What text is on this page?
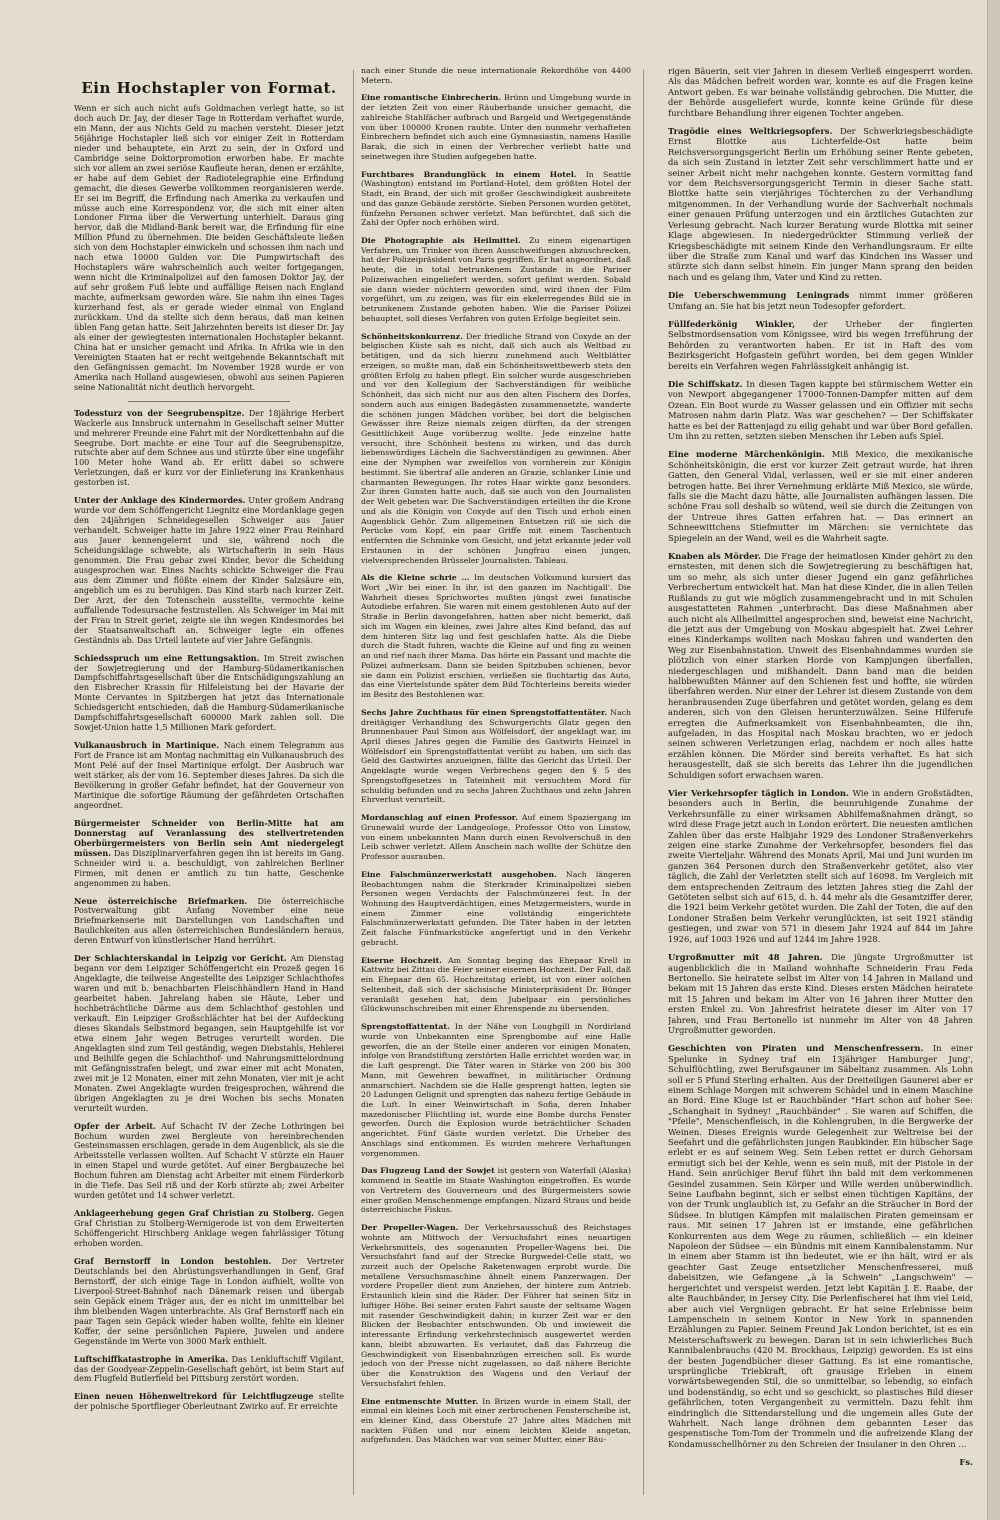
Ein Hochstapler von Format.
Wenn er sich auch nicht aufs Goldmachen verlegt hatte, so ist doch auch Dr. Jay, der dieser Tage in Rotterdam verhaftet wurde, ein Mann, der aus Nichts Geld zu machen versteht. Dieser jetzt 56jährige Hochstapler ließ sich vor einiger Zeit in Rotterdam nieder und behauptete, ein Arzt zu sein, der in Oxford und Cambridge seine Doktorpromotion erworben habe. Er machte sich vor allem an zwei seriöse Kaufleute heran, denen er erzählte, er habe auf dem Gebiet der Radiotelegraphie eine Erfindung gemacht, die dieses Gewerbe vollkommen reorganisieren werde. Er sei im Begriff, die Erfindung nach Amerika zu verkaufen und müsse auch eine Korrespondenz vor, die sich mit einer alten Londoner Firma über die Verwertung unterhielt. Daraus ging hervor, daß die Midland-Bank bereit war, die Erfindung für eine Million Pfund zu übernehmen. Die beiden Geschäftsleute ließen sich von dem Hochstapler einwickeln und schossen ihm nach und nach etwa 10000 Gulden vor. Die Pumpwirtschaft des Hochstaplers wäre wahrscheinlich auch weiter fortgegangen, wenn nicht die Kriminalpolizei auf den famosen Doktor Jay, der auf sehr großem Fuß lebte und auffällige Reisen nach England machte, aufmerksam geworden wäre. Sie nahm ihn eines Tages kurzerhand fest, als er gerade wieder einmal von England zurückkam. Und da stellte sich denn heraus, daß man keinen üblen Fang getan hatte. Seit Jahrzehnten bereits ist dieser Dr. Jay als einer der gewiegtesten internationalen Hochstapler bekannt. China hat er unsicher gemacht und Afrika. In Afrika wie in den Vereinigten Staaten hat er recht weitgehende Bekanntschaft mit den Gefängnissen gemacht. Im November 1928 wurde er von Amerika nach Holland ausgewiesen, obwohl aus seinen Papieren seine Nationalität nicht deutlich hervorgeht.
Todessturz von der Seegrubenspitze. Der 18jährige Herbert Wackerle aus Innsbruck unternahm in Gesellschaft seiner Mutter und mehrerer Freunde eine Fahrt mit der Nordkettenbahn auf die Seegrube. Dort machte er eine Tour auf die Seegrubenspitze, rutschte aber auf dem Schnee aus und stürzte über eine ungefähr 100 Meter hohe Wand ab. Er erlitt dabei so schwere Verletzungen, daß er kurz vor der Einlieferung ins Krankenhaus gestorben ist.
Unter der Anklage des Kindermordes. Unter großem Andrang wurde vor dem Schöffengericht Liegnitz eine Mordanklage gegen den 24jährigen Schneidegesellen Schweiger aus Jauer verhandelt. Schweiger hatte im Jahre 1922 einer Frau Reinhard aus Jauer kennengelernt und sie, während noch die Scheidungsklage schwebte, als Wirtschafterin in sein Haus genommen. Die Frau gebar zwei Kinder, bevor die Scheidung ausgesprochen war. Eines Nachts schickte Schweiger die Frau aus dem Zimmer und flößte einem der Kinder Salzsäure ein, angeblich um es zu beruhigen. Das Kind starb nach kurzer Zeit. Der Arzt, der den Totenschein ausstellte, vermochte keine auffallende Todesursache festzustellen. Als Schweiger im Mai mit der Frau in Streit geriet, zeigte sie ihn wegen Kindesmordes bei der Staatsanwaltschaft an. Schweiger legte ein offenes Geständnis ab. Das Urteil lautete auf vier Jahre Gefängnis.
Schiedsspruch um eine Rettungsaktion. Im Streit zwischen der Sowjetregierung und der Hamburg-Südamerikanischen Dampfschiffahrtsgesellschaft über die Entschädigungszahlung an den Eisbrecher Krassin für Hilfeleistung bei der Havarie der Monte Cervantes in Spitzbergen hat jetzt das Internationale Schiedsgericht entschieden, daß die Hamburg-Südamerikanische Dampfschiffahrtsgesellschaft 600000 Mark zahlen soll. Die Sowjet-Union hatte 1,5 Millionen Mark gefordert.
Vulkanausbruch in Martinique. Nach einem Telegramm aus Fort de France ist am Montag nachmittag ein Vulkanausbruch des Mont Pelé auf der Insel Martinique erfolgt. Der Ausbruch war weit stärker, als der vom 16. September dieses Jahres. Da sich die Bevölkerung in großer Gefahr befindet, hat der Gouverneur von Martinique die sofortige Räumung der gefährdeten Ortschaften angeordnet.
Bürgermeister Schneider von Berlin-Mitte hat am Donnerstag auf Veranlassung des stellvertretenden Oberbürgermeisters von Berlin sein Amt niedergelegt müssen. Das Disziplinarverfahren gegen ihn ist bereits im Gang. Schneider wird u. a. beschuldigt, von zahlreichen Berliner Firmen, mit denen er amtlich zu tun hatte, Geschenke angenommen zu haben.
Neue österreichische Briefmarken. Die österreichische Postverwaltung gibt Anfang November eine neue Briefmarkenserie mit Darstellungen von Landschaften und Baulichkeiten aus allen österreichischen Bundesländern heraus, deren Entwurf von künstlerischer Hand herrührt.
Der Schlachterskandal in Leipzig vor Gericht. Am Dienstag begann vor dem Leipziger Schöffengericht ein Prozeß gegen 16 Angeklagte, die teilweise Angestellte des Leipziger Schlachthofes waren und mit b. benachbarten Fleischhändlern Hand in Hand gearbeitet haben. Jahrelang haben sie Häute, Leber und hochbeträchtliche Därme aus dem Schlachthof gestohlen und verkauft. Ein Leipziger Großschlächter hat bei der Aufdeckung dieses Skandals Selbstmord begangen, sein Hauptgehilfe ist vor etwa einem Jahr wegen Betruges verurteilt worden. Die Angeklagten sind zum Teil geständig, wegen Diebstahls, Hehlerei und Beihilfe gegen die Schlachthof- und Nahrungsmittelordnung mit Gefängnisstrafen belegt, und zwar einer mit acht Monaten, zwei mit je 12 Monaten, einer mit zehn Monaten, vier mit je acht Monaten. Zwei Angeklagte wurden freigesprochen, während die übrigen Angeklagten zu je drei Wochen bis sechs Monaten verurteilt wurden.
Opfer der Arbeit. Auf Schacht IV der Zeche Lothringen bei Bochum wurden zwei Bergleute von hereinbrechenden Gesteinsmassen erschlagen, gerade in dem Augenblick, als sie die Arbeitsstelle verlassen wollten. Auf Schacht V stürzte ein Hauer in einen Stapel und wurde getötet. Auf einer Bergbauzeche bei Bochum fuhren am Dienstag acht Arbeiter mit einem Förderkorb in die Tiefe. Das Seil riß und der Korb stürzte ab; zwei Arbeiter wurden getötet und 14 schwer verletzt.
Anklageerhebung gegen Graf Christian zu Stolberg. Gegen Graf Christian zu Stolberg-Wernigerode ist von dem Erweiterten Schöffengericht Hirschberg Anklage wegen fahrlässiger Tötung erhoben worden.
Graf Bernstorff in London bestohlen. Der Vertreter Deutschlands bei den Abrüstungsverhandlungen in Genf, Graf Bernstorff, der sich einige Tage in London aufhielt, wollte von Liverpool-Street-Bahnhof nach Dänemark reisen und übergab sein Gepäck einem Träger aus, der es nicht im unmittelbar bei ihm bleibenden Wagen unterbrachte. Als Graf Bernstorff nach ein paar Tagen sein Gepäck wieder haben wollte, fehlte ein kleiner Koffer, der seine persönlichen Papiere, Juwelen und andere Gegenstände im Werte von 3000 Mark enthielt.
Luftschiffkatastrophe in Amerika. Das Lenkluftschiff Vigilant, das der Goodyear-Zeppelin-Gesellschaft gehört, ist beim Start auf dem Flugfeld Butlerfield bei Pittsburg zerstört worden.
Einen neuen Höhenweltrekord für Leichtflugzeuge stellte der polnische Sportflieger Oberleutnant Zwirko auf. Er erreichte
nach einer Stunde die neue internationale Rekordhöhe von 4400 Metern.
Eine romantische Einbrecherin. Brünn und Umgebung wurde in der letzten Zeit von einer Räuberbande unsicher gemacht, die zahlreiche Stahlfächer aufbrach und Bargeld und Wertgegenstände von über 100000 Kronen raubte. Unter den nunmehr verhafteten Einbrechern befindet sich auch eine Gymnasiastin, namens Hasille Barak, die sich in einen der Verbrecher verliebt hatte und seinetwegen ihre Studien aufgegeben hatte.
Furchtbares Brandunglück in einem Hotel. In Seattle (Washington) entstand im Portland-Hotel, dem größten Hotel der Stadt, ein Brand, der sich mit großer Geschwindigkeit ausbreitete und das ganze Gebäude zerstörte. Sieben Personen wurden getötet, fünfzehn Personen schwer verletzt. Man befürchtet, daß sich die Zahl der Opfer noch erhöhen wird.
Die Photographie als Heilmittel. Zu einem eigenartigen Verfahren, um Trinker von ihren Ausschweifungen abzuschrecken, hat der Polizeipräsident von Paris gegriffen. Er hat angeordnet, daß heute, die in total betrunkenem Zustande in die Pariser Polizeiwachen eingeliefert werden, sofort gefilmt werden. Sobald sie dann wieder nüchtern geworden sind, wird ihnen der Film vorgeführt, um zu zeigen, was für ein ekelerregendes Bild sie in betrunkenem Zustande geboten haben. Wie die Pariser Polizei behauptet, soll dieses Verfahren von guten Erfolge begleitet sein.
Schönheitskonkurrenz. Der friedliche Strand von Coxyde an der belgischen Küste sah es nicht, daß sich auch als Weltbad zu betätigen, und da sich hierzu zunehmend auch Weltblätter erzeigen, so mußte man, daß ein Schönheitswettbewerb stets den größten Erfolg zu haben pflegt. Ein solcher wurde ausgeschrieben und vor den Kollegium der Sachverständigen für weibliche Schönheit, das sich nicht nur aus den alten Fischern des Dorfes, sondern auch aus einigen Badegästen zusammensetzte, wanderte die schönen jungen Mädchen vorüber, bei dort die belgischen Gewässer ihre Reize niemals zeigen dürften, da der strengen Gesittlichkeit Auge vorüberzug wollte. Jede einzelne hatte versucht, ihre Schönheit bestens zu wirken, und das durch liebenswürdiges Lächeln die Sachverständigen zu gewinnen. Aber eine der Nymphen war zweifellos von vornherein zur Königin bestimmt. Sie übertraf alle anderen an Grazie, schlanker Linie und charmanten Bewegungen. Ihr rotes Haar wirkte ganz besonders. Zur ihren Gunsten hatte auch, daß sie auch von den Journalisten der Welt gebeten war. Die Sachverständigen erteilten ihr die Krone und als die Königin von Coxyde auf den Tisch und erhob einen Augenblick Gehör. Zum allgemeinen Entsetzen riß sie sich die Perücke vom Kopf, ein paar Griffe mit einem Taschentuch entfernten die Schminke vom Gesicht, und jetzt erkannte jeder voll Erstaunen in der schönen Jungfrau einen jungen, vielversprechenden Brüsseler Journalisten. Tableau.
Als die Kleine schrie ... Im deutschen Volksmund kursiert das Wort „Wir bei einer. In ihr, ist den ganzen im Nachtigall'. Die Wahrheit dieses Sprichwortes mußten jüngst zwei fanatische Autodiebe erfahren. Sie waren mit einem gestohlenen Auto auf der Straße in Berlin davongefahren, hatten aber nicht bemerkt, daß sich im Wagen ein kleines, zwei Jahre altes Kind befand, das auf dem hinteren Sitz lag und fest geschlafen hatte. Als die Diebe durch die Stadt fuhren, wachte die Kleine auf und fing zu weinen an und rief nach ihrer Mama. Das hörte ein Passant und machte die Polizei aufmerksam. Dann sie beiden Spitzbuben schienen, bevor sie dann ein Polizist erschien, verließen sie fluchtartig das Auto, das eine Viertelstunde später dem Bild Töchterleins bereits wieder im Besitz des Bestohlenen war.
Sechs Jahre Zuchthaus für einen Sprengstoffattentäter. Nach dreitägiger Verhandlung des Schwurgerichts Glatz gegen den Brunnenbauer Paul Simon aus Wölfelsdorf, der angeklagt war, im April dieses Jahres gegen die Familie des Gastwirts Heinzel in Wölfelsdorf ein Sprengstoffattentat verübt zu haben, um sich das Geld des Gastwirtes anzueignen, fällte das Gericht das Urteil. Der Angeklagte wurde wegen Verbrechens gegen den § 5 des Sprengstoffgesetzes in Tateinheit mit versuchtem Mord für schuldig befunden und zu sechs Jahren Zuchthaus und zehn Jahren Ehrverlust verurteilt.
Mordanschlag auf einen Professor. Auf einem Spaziergang im Grunewald wurde der Landgeologe, Professor Otto von Linstow, von einem unbekannten Mann durch einen Revolverschuß in den Leib schwer verletzt. Allem Anschein nach wollte der Schütze den Professor ausrauben.
Eine Falschmünzerwerkstatt ausgehoben. Nach längeren Beobachtungen nahm die Sterkrader Kriminalpolizei sieben Personen wegen Verdachts der Falschmünzerei fest. In der Wohnung des Hauptverdächtigen, eines Metzgermeisters, wurde in einem Zimmer eine vollständig eingerichtete Falschmünzerwerkstatt gefunden. Die Täter haben in der letzten Zeit falsche Fünfmarkstücke angefertigt und in den Verkehr gebracht.
Eiserne Hochzeit. Am Sonntag beging das Ehepaar Krell in Kattwitz bei Zittau die Feier seiner eisernen Hochzeit. Der Fall, daß ein Ehepaar den 65. Hochzeitstag erlebt, ist von einer solchen Seltenheit, daß sich der sächsische Ministerpräsident Dr. Bünger veranlaßt gesehen hat, dem Jubelpaar ein persönliches Glückwunschschreiben mit einer Ehrenspende zu übersenden.
Sprengstoffattentat. In der Nähe von Loughgill in Nordirland wurde von Unbekannten eine Sprengbombe auf eine Halle geworfen, die an der Stelle einer anderen vor einigen Monaten, infolge von Brandstiftung zerstörten Halle errichtet worden war, in die Luft gesprengt. Die Täter waren in Stärke von 200 bis 300 Mann, mit Gewehren bewaffnet, in militärischer Ordnung anmarschiert. Nachdem sie die Halle gesprengt hatten, legten sie 20 Ladungen Gelignit und sprengten das nahezu fertige Gebäude in die Luft. In einer Weinwirtschaft in Sofia, deren Inhaber mazedonischer Flüchtling ist, wurde eine Bombe durchs Fenster geworfen. Durch die Explosion wurde beträchtlicher Schaden angerichtet. Fünf Gäste wurden verletzt. Die Urheber des Anschlags sind entkommen. Es wurden mehrere Verhaftungen vorgenommen.
Das Flugzeug Land der Sowjet ist gestern von Waterfall (Alaska) kommend in Seattle im Staate Washington eingetroffen. Es wurde von Vertretern des Gouverneurs und des Bürgermeisters sowie einer großen Menschenmenge empfangen. Nizard Straus und beide österreichische Fiskus.
Der Propeller-Wagen. Der Verkehrsausschuß des Reichstages wohnte am Mittwoch der Versuchsfahrt eines neuartigen Verkehrsmittels, des sogenannten Propeller-Wagens bei. Die Versuchsfahrt fand auf der Strecke Burgwedel-Celle statt, wo zurzeit auch der Opelsche Raketenwagen erprobt wurde. Die metallene Versuchsmaschine ähnelt einem Panzerwagen. Der vordere Propeller dient zum Anziehen, der hintere zum Antrieb. Erstaunlich klein sind die Räder. Der Führer hat seinen Sitz in luftiger Höhe. Bei seiner ersten Fahrt sauste der seltsame Wagen mit rasender Geschwindigkeit dahin; in kurzer Zeit war er den Blicken der Beobachter entschwunden. Ob und inwieweit die interessante Erfindung verkehrstechnisch ausgewertet werden kann, bleibt abzuwarten. Es verlautet, daß das Fahrzeug die Geschwindigkeit von Eisenbahnzügen erreichen soll. Es wurde jedoch von der Presse nicht zugelassen, so daß nähere Berichte über die Konstruktion des Wagens und den Verlauf der Versuchsfahrt fehlen.
Eine entmenschte Mutter. In Brizen wurde in einem Stall, der einmal ein kleines Loch mit einer zerbrochenen Fensterscheibe ist, ein kleiner Kind, dass Oberstufe 27 Jahre altes Mädchen mit nackten Füßen und nur einem leichten Kleide angetan, aufgefunden. Das Mädchen war von seiner Mutter, einer Bäu-
rigen Bäuerin, seit vier Jahren in diesem Verließ eingesperrt worden. Als das Mädchen befreit worden war, konnte es auf die Fragen keine Antwort geben. Es war beinahe vollständig gebrochen. Die Mutter, die der Behörde ausgeliefert wurde, konnte keine Gründe für diese furchtbare Behandlung ihrer eigenen Tochter angeben.
Tragödie eines Weltkriegsopfers. Der Schwerkriegsbeschädigte Ernst Blottke aus Lichterfelde-Ost hatte beim Reichsversorgungsgericht Berlin um Erhöhung seiner Rente gebeten, da sich sein Zustand in letzter Zeit sehr verschlimmert hatte und er seiner Arbeit nicht mehr nachgehen konnte. Gestern vormittag fand vor dem Reichsversorgungsgericht Termin in dieser Sache statt. Blottke hatte sein vierjähriges Töchterchen zu der Verhandlung mitgenommen. In der Verhandlung wurde der Sachverhalt nochmals einer genauen Prüfung unterzogen und ein ärztliches Gutachten zur Verlesung gebracht. Nach kurzer Beratung wurde Blottka mit seiner Klage abgewiesen. In niedergedrückter Stimmung verließ der Kriegsbeschädigte mit seinem Kinde den Verhandlungsraum. Er eilte über die Straße zum Kanal und warf das Kindchen ins Wasser und stürzte sich dann selbst hinein. Ein junger Mann sprang den beiden nach und es gelang ihm, Vater und Kind zu retten.
Die Ueberschwemmung Leningrads nimmt immer größeren Umfang an. Sie hat bis jetzt neun Todesopfer gefordert.
Füllfederkönig Winkler, der Urheber der fingierten Selbstmordsensation vom Königssee, wird bis wegen Irreführung der Behörden zu verantworten haben. Er ist in Haft des vom Bezirksgericht Hofgastein geführt worden, bei dem gegen Winkler bereits ein Verfahren wegen Fahrlässigkeit anhängig ist.
Die Schiffskatz. In diesen Tagen kappte bei stürmischem Wetter ein von Newport abgegangener 17000-Tonnen-Dampfer mitten auf dem Ozean. Ein Boot wurde zu Wasser gelassen und ein Offizier mit sechs Matrosen nahm darin Platz. Was war geschehen? — Der Schiffskater hatte es bei der Rattenjagd zu eilig gehabt und war über Bord gefallen. Um ihn zu retten, setzten sieben Menschen ihr Leben aufs Spiel.
Eine moderne Märchenkönigin. Miß Mexico, die mexikanische Schönheitskönigin, die erst vor kurzer Zeit getraut wurde, hat ihren Gatten, den General Vidal, verlassen, weil er sie mit einer anderen betrogen hatte. Bei ihrer Vernehmung erklärte Miß Mexico, sie würde, falls sie die Macht dazu hätte, alle Journalisten aufhängen lassen. Die schöne Frau soll deshalb so wütend, weil sie durch die Zeitungen von der Untreue ihres Gatten erfahren hat. — Das erinnert an Schneewittchens Stiefmutter im Märchen: sie vernichtete das Spiegelein an der Wand, weil es die Wahrheit sagte.
Knaben als Mörder. Die Frage der heimatlosen Kinder gehört zu den ernstesten, mit denen sich die Sowjetregierung zu beschäftigen hat, um so mehr, als sich unter dieser Jugend ein ganz gefährliches Verbrechertum entwickelt hat. Man hat diese Kinder, die in allen Teilen Rußlands zu gut wie möglich zusammengebracht und in mit Schulen ausgestatteten Rahmen „unterbracht. Das diese Maßnahmen aber auch nicht als Allheilmittel angesprochen sind, beweist eine Nachricht, die jetzt aus der Umgebung von Moskau abgespielt hat. Zwei Lehrer eines Kinderkamps wollten nach Moskau fahren und wanderten den Weg zur Eisenbahnstation. Unweit des Eisenbahndammes wurden sie plötzlich von einer starken Horde von Kampjungen überfallen, niedergeschlagen und mißhandelt. Dann band man die beiden halbbewußten Männer auf den Schienen fest und hoffte, sie würden überfahren werden. Nur einer der Lehrer ist diesem Zustande von dem heranbrausenden Zuge überfahren und getötet worden, gelang es dem anderen, sich von den Gleisen herunterzuwälzen. Seine Hilferufe erregten die Aufmerksamkeit von Eisenbahnbeamten, die ihn, aufgeladen, in das Hospital nach Moskau brachten, wo er jedoch seinen schweren Verletzungen erlag, nachdem er noch alles hatte erzählen können. Die Mörder sind bereits verhaftet. Es hat sich herausgestellt, daß sie sich bereits das Lehrer ihn die jugendlichen Schuldigen sofort erwachsen waren.
Vier Verkehrsopfer täglich in London. Wie in andern Großstädten, besonders auch in Berlin, die beunruhigende Zunahme der Verkehrsunfälle zu einer wirksamen Abhilfemaßnahmen drängt, so wird diese Frage jetzt auch in London erörtert. Die neuesten amtlichen Zahlen über das erste Halbjahr 1929 des Londoner Straßenverkehrs zeigen eine starke Zunahme der Verkehrsopfer, besonders fiel das zweite Vierteljahr. Während des Monats April, Mai und Juni wurden im ganzen 364 Personen durch den Straßenverkehr getötet, also vier täglich, die Zahl der Verletzten stellt sich auf 16098. Im Vergleich mit dem entsprechenden Zeitraum des letzten Jahres stieg die Zahl der Getöteten selbst sich auf 615, d. h. 44 mehr als die Gesamtziffer derer, die 1921 beim Verkehr getötet wurden. Die Zahl der Toten, die auf den Londoner Straßen beim Verkehr verunglückten, ist seit 1921 ständig gestiegen, und zwar von 571 in diesem Jahr 1924 auf 844 im Jahre 1926, auf 1003 1926 und auf 1244 im Jahre 1928.
Urgroßmutter mit 48 Jahren. Die jüngste Urgroßmutter ist augenblicklich die in Mailand wohnhafte Schneiderin Frau Feda Bertonello. Sie heiratete selbst im Alter von 14 Jahren in Mailand und bekam mit 15 Jahren das erste Kind. Dieses ersten Mädchen heiratete mit 15 Jahren und bekam im Alter von 16 Jahren ihrer Mutter den ersten Enkel zu. Von Jahresfrist heiratete dieser im Alter von 17 Jahren, und Frau Bertonello ist nunmehr im Alter von 48 Jahren Urgroßmutter geworden.
Geschichten von Piraten und Menschenfressern. In einer Spelunke in Sydney traf ein 13jähriger Hamburger Jung', Schulflüchtling, zwei Berufsgauner im Säbeltanz zusammen. Als Lohn soll er 5 Pfund Sterling erhalten. Aus der Dreiteiligen Gaunerei aber er einem Schlage Morgen mit schwerem Schädel und in einem Maschine an Bord. Eine Kluge ist er Rauchbänder "Hart schon auf hoher See: „Schanghait in Sydney! „Rauchbänder" . Sie waren auf Schiffen, die "Pfeile", Menschenfleisch, in die Kohlengruben, in die Bergwerke der Weinen. Dieses Ereignis wurde Gelegenheit zur Weltreise bei der Seefahrt und die gefährlichsten jungen Raubkinder. Ein hübscher Sage erlebt er es auf seinem Weg. Sein Leben rettet er durch Gehorsam ermutigt sich bei der Kehle, wenn es sein muß, mit der Pistole in der Hand. Sein anrüchiger Beruf führt ihn bald mit dem verkommenen Gesindel zusammen. Sein Körper und Wille werden unüberwindlich. Seine Laufbahn beginnt, sich er selbst einen tüchtigen Kapitäns, der von der Trunk unglaublich ist, zu Gefahr an die Sträucher in Bord der Südsee. In blutigen Kämpfen mit malaiischen Piraten gemeinsam er raus. Mit seinen 17 Jahren ist er imstande, eine gefährlichen Konkurrenten aus dem Wege zu räumen, schließlich — ein kleiner Napoleon der Südsee — ein Bündnis mit einem Kannibalenstamm. Nur in einem aber Stamm ist ihn bedeutet, wie er ihn hält, wird er als geachter Gast Zeuge entsetzlicher Menschenfresserei, muß dabeisitzen, wie Gefangene „à la Schwein" „Langschwein" — hergerichtet und verspeist werden. Jetzt lebt Kapitän J. E. Raabe, der alte Rauchbänder, in Jersey City. Die Perlenfischerei hat ihm viel Leid, aber auch viel Vergnügen gebracht. Er hat seine Erlebnisse beim Lampenschein in seinem Kontor in New York in spannenden Erzählungen zu Papier. Seinem Freund Jak London berichtet, ist es ein Meisterschaftswerk zu bewegen. Daran ist in sein ichwierliches Buch Kannibalenbrauchs (420 M. Brockhaus, Leipzig) geworden. Es ist eins der besten Jugendbücher dieser Gattung. Es ist eine romantische, ursprüngliche Triebkraft, oft grausige Erleben in einem vorwärtsbewegenden Stil, die so unmittelbar, so lebendig, so einfach und bodenständig, so echt und so geschickt, so plastisches Bild dieser gefährlichen, toten Vergangenheit zu vermitteln. Dazu fehlt ihm eindringlich die Sittendarstellung und die ungemein alles Gute der Wahrheit. Nach lange dröhnen dem gebannten Leser das gespenstische Tom-Tom der Trommeln und die aufreizende Klang der Kondamusschellhörner zu den Schreien der Insulaner in den Ohren ...
Fs.
